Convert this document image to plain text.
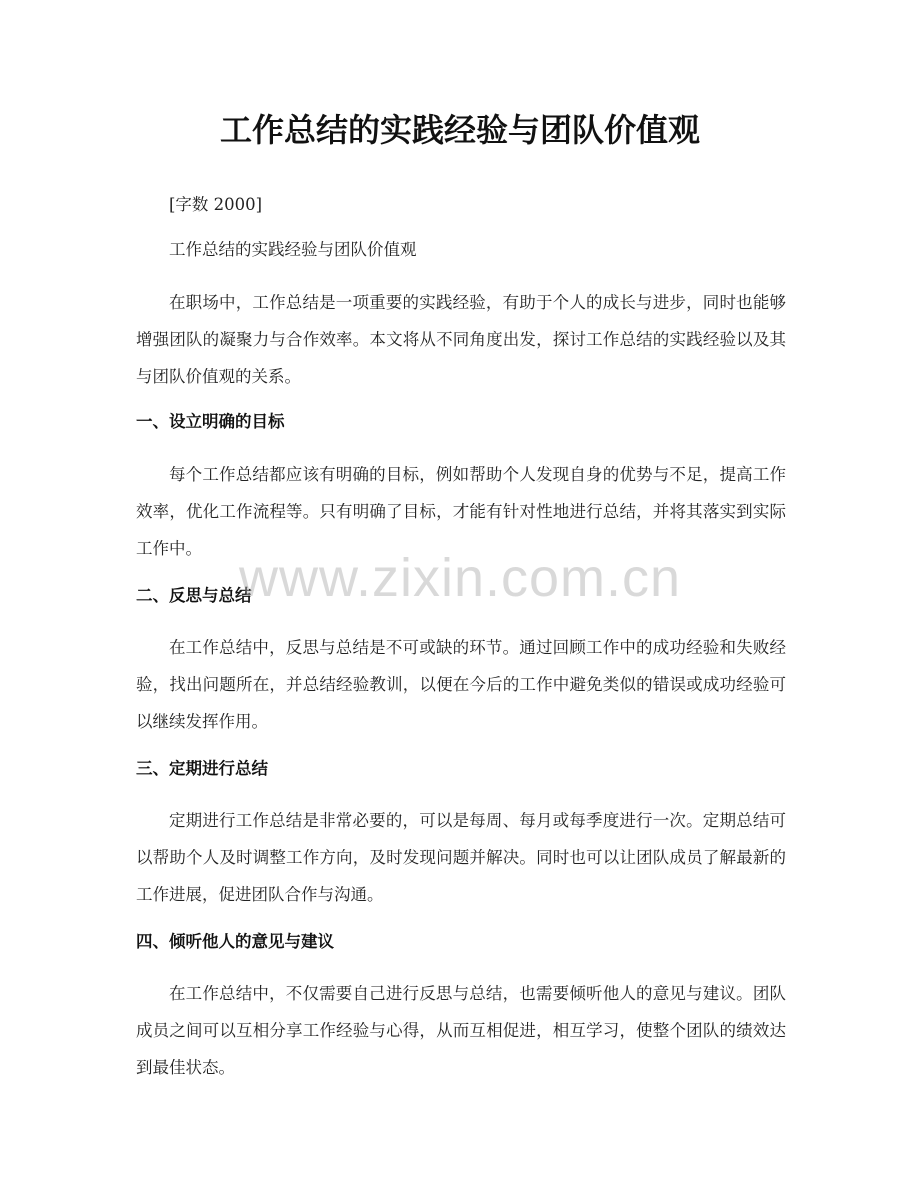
工作总结的实践经验与团队价值观

[字数 2000]

工作总结的实践经验与团队价值观

在职场中，工作总结是一项重要的实践经验，有助于个人的成长与进步，同时也能够增强团队的凝聚力与合作效率。本文将从不同角度出发，探讨工作总结的实践经验以及其与团队价值观的关系。

一、设立明确的目标

每个工作总结都应该有明确的目标，例如帮助个人发现自身的优势与不足，提高工作效率，优化工作流程等。只有明确了目标，才能有针对性地进行总结，并将其落实到实际工作中。

二、反思与总结

在工作总结中，反思与总结是不可或缺的环节。通过回顾工作中的成功经验和失败经验，找出问题所在，并总结经验教训，以便在今后的工作中避免类似的错误或成功经验可以继续发挥作用。

三、定期进行总结

定期进行工作总结是非常必要的，可以是每周、每月或每季度进行一次。定期总结可以帮助个人及时调整工作方向，及时发现问题并解决。同时也可以让团队成员了解最新的工作进展，促进团队合作与沟通。

四、倾听他人的意见与建议

在工作总结中，不仅需要自己进行反思与总结，也需要倾听他人的意见与建议。团队成员之间可以互相分享工作经验与心得，从而互相促进，相互学习，使整个团队的绩效达到最佳状态。

www.zixin.com.cn
